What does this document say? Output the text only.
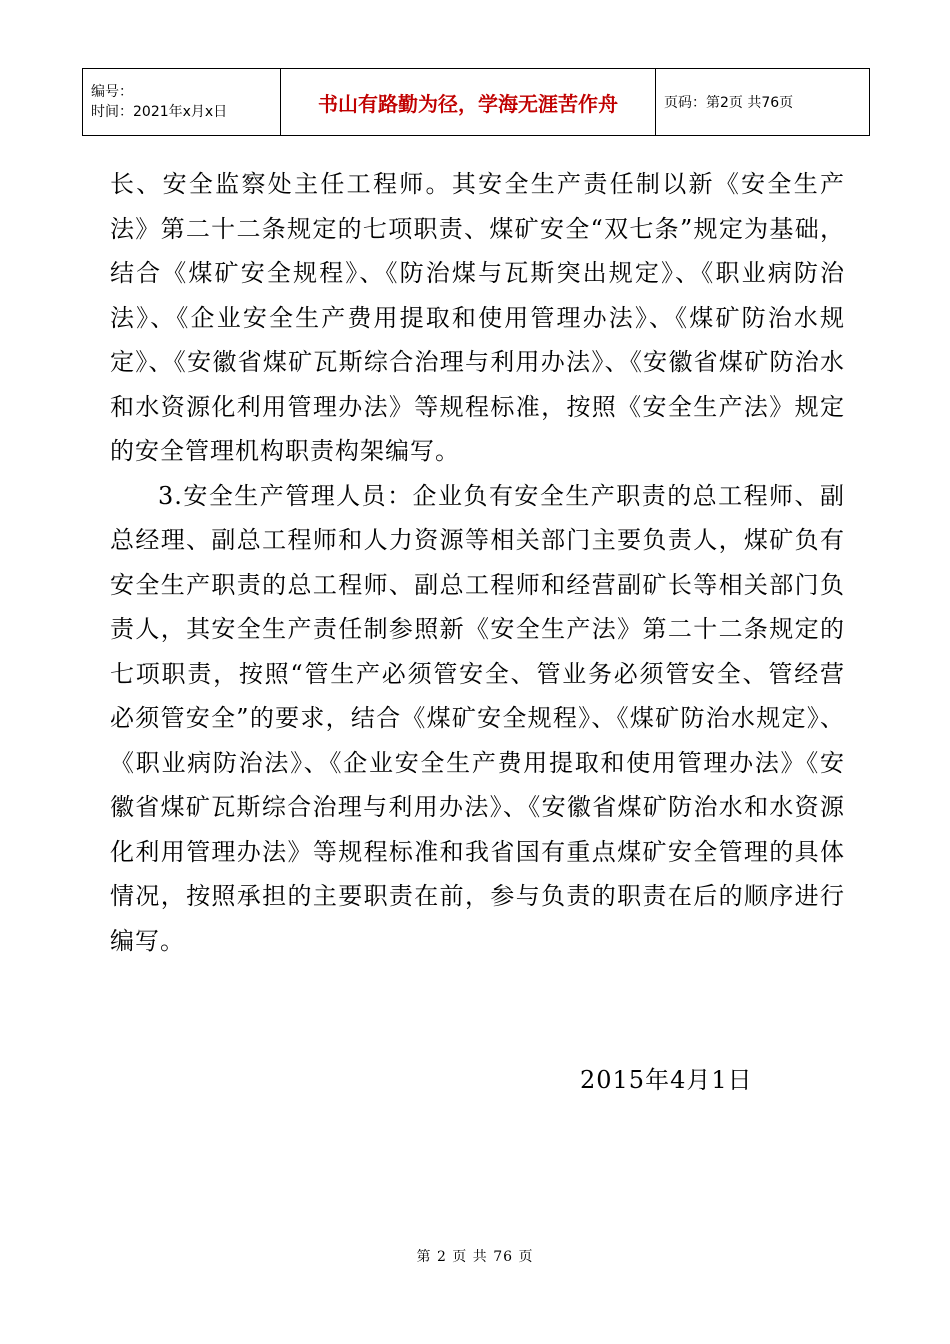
编号：
时间：2021年x月x日	书山有路勤为径，学海无涯苦作舟	页码：第2页 共76页

长、安全监察处主任工程师。其安全生产责任制以新《安全生产法》第二十二条规定的七项职责、煤矿安全“双七条”规定为基础，结合《煤矿安全规程》、《防治煤与瓦斯突出规定》、《职业病防治法》、《企业安全生产费用提取和使用管理办法》、《煤矿防治水规定》、《安徽省煤矿瓦斯综合治理与利用办法》、《安徽省煤矿防治水和水资源化利用管理办法》等规程标准，按照《安全生产法》规定的安全管理机构职责构架编写。

3.安全生产管理人员：企业负有安全生产职责的总工程师、副总经理、副总工程师和人力资源等相关部门主要负责人，煤矿负有安全生产职责的总工程师、副总工程师和经营副矿长等相关部门负责人，其安全生产责任制参照新《安全生产法》第二十二条规定的七项职责，按照“管生产必须管安全、管业务必须管安全、管经营必须管安全”的要求，结合《煤矿安全规程》、《煤矿防治水规定》、《职业病防治法》、《企业安全生产费用提取和使用管理办法》《安徽省煤矿瓦斯综合治理与利用办法》、《安徽省煤矿防治水和水资源化利用管理办法》等规程标准和我省国有重点煤矿安全管理的具体情况，按照承担的主要职责在前，参与负责的职责在后的顺序进行编写。

2015年4月1日
第 2 页 共 76 页
